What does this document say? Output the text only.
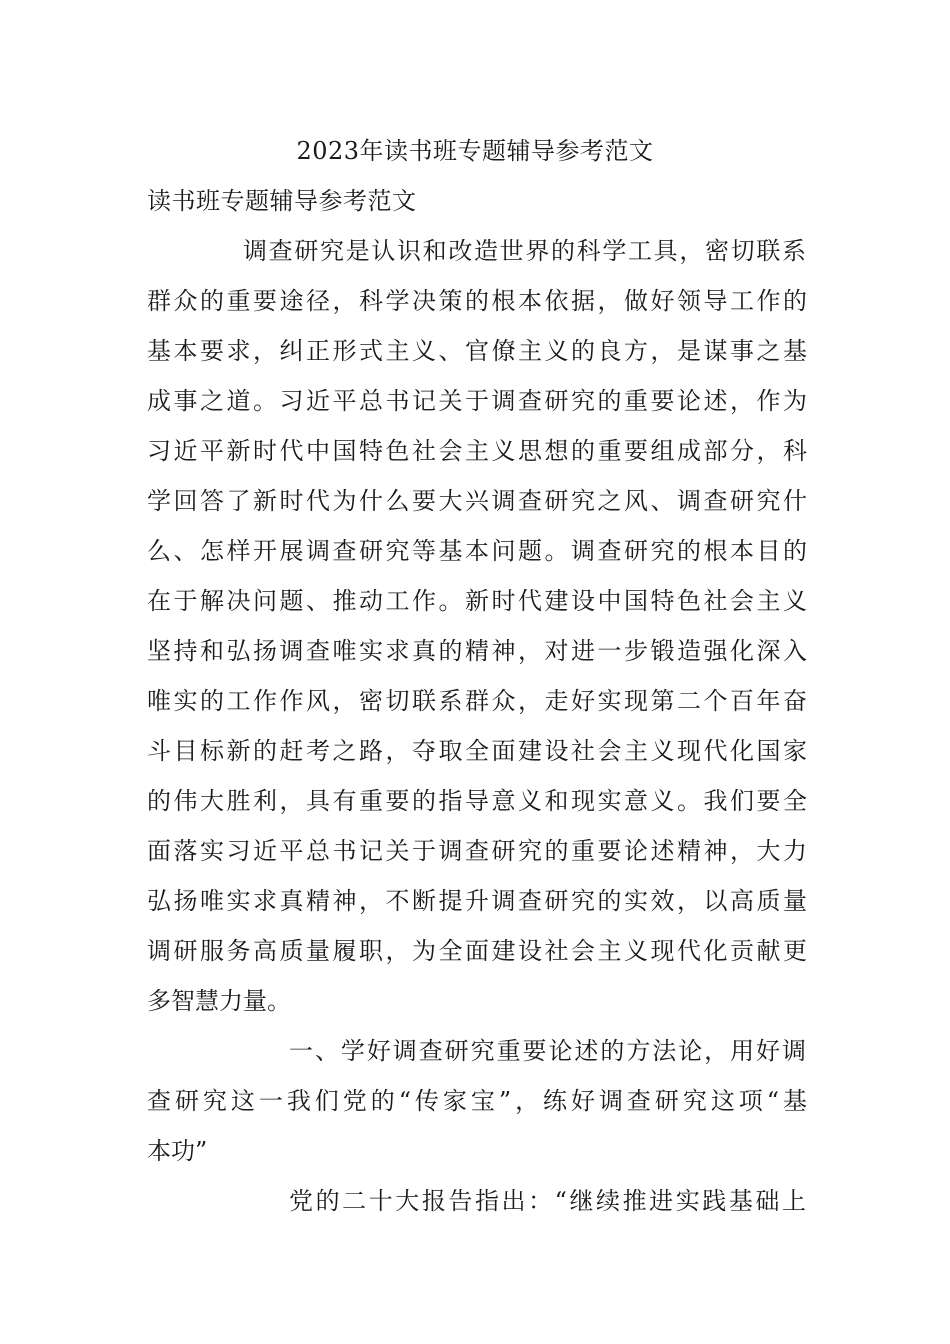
2023年读书班专题辅导参考范文
读书班专题辅导参考范文
调查研究是认识和改造世界的科学工具，密切联系
群众的重要途径，科学决策的根本依据，做好领导工作的
基本要求，纠正形式主义、官僚主义的良方，是谋事之基
成事之道。习近平总书记关于调查研究的重要论述，作为
习近平新时代中国特色社会主义思想的重要组成部分，科
学回答了新时代为什么要大兴调查研究之风、调查研究什
么、怎样开展调查研究等基本问题。调查研究的根本目的
在于解决问题、推动工作。新时代建设中国特色社会主义
坚持和弘扬调查唯实求真的精神，对进一步锻造强化深入
唯实的工作作风，密切联系群众，走好实现第二个百年奋
斗目标新的赶考之路，夺取全面建设社会主义现代化国家
的伟大胜利，具有重要的指导意义和现实意义。我们要全
面落实习近平总书记关于调查研究的重要论述精神，大力
弘扬唯实求真精神，不断提升调查研究的实效，以高质量
调研服务高质量履职，为全面建设社会主义现代化贡献更
多智慧力量。
一、学好调查研究重要论述的方法论，用好调
查研究这一我们党的“传家宝”，练好调查研究这项“基
本功”
党的二十大报告指出：“继续推进实践基础上
